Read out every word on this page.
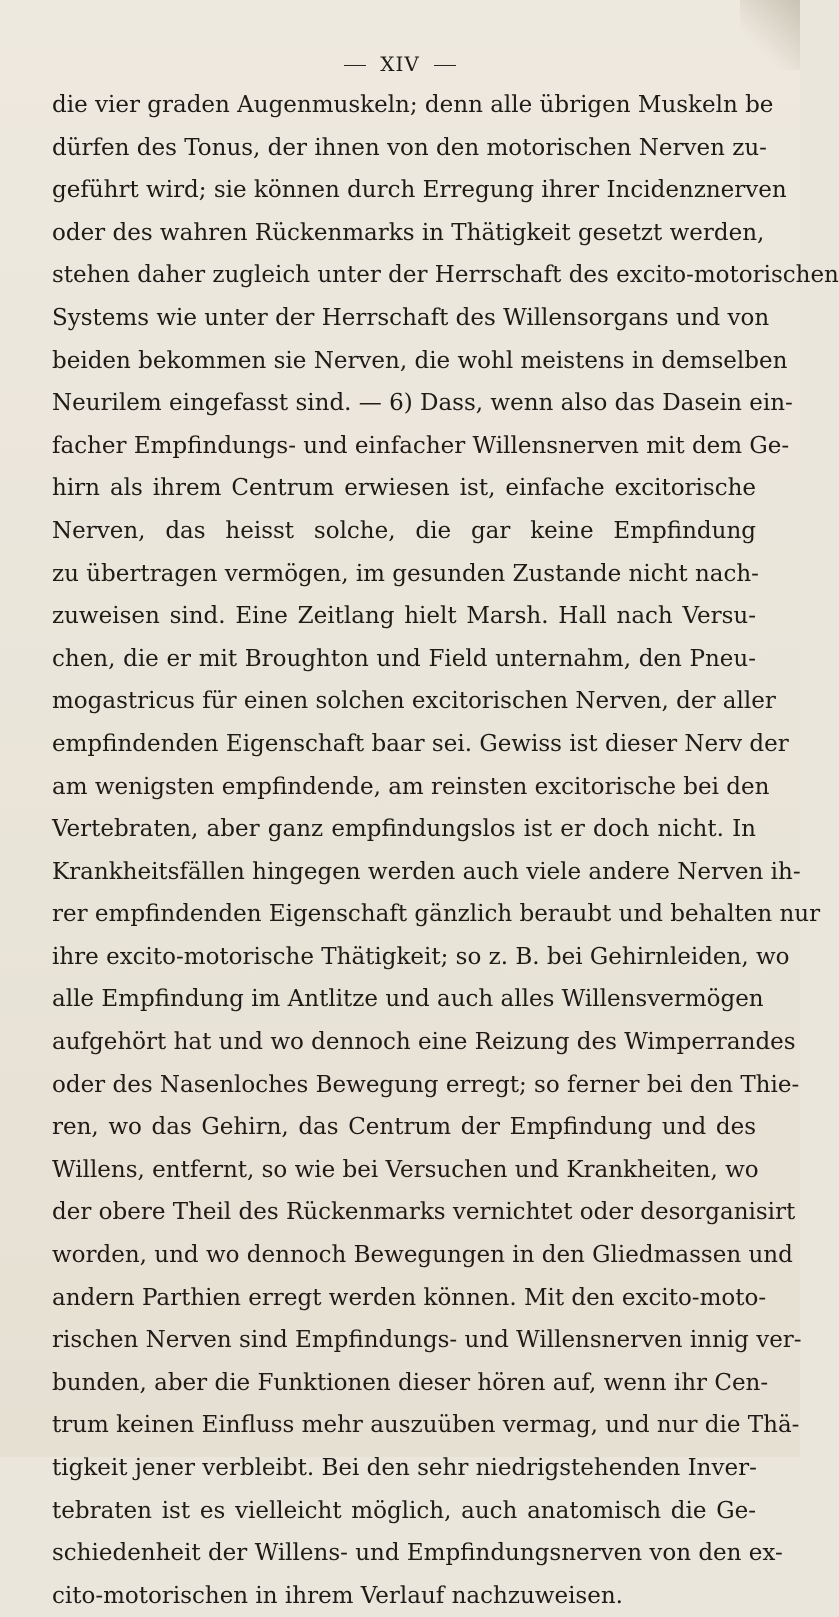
XIV
die vier graden Augenmuskeln; denn alle übrigen Muskeln be
dürfen des Tonus, der ihnen von den motorischen Nerven zu-
geführt wird; sie können durch Erregung ihrer Incidenznerven
oder des wahren Rückenmarks in Thätigkeit gesetzt werden,
stehen daher zugleich unter der Herrschaft des excito-motorischen
Systems wie unter der Herrschaft des Willensorgans und von
beiden bekommen sie Nerven, die wohl meistens in demselben
Neurilem eingefasst sind. — 6) Dass, wenn also das Dasein ein-
facher Empfindungs- und einfacher Willensnerven mit dem Ge-
hirn als ihrem Centrum erwiesen ist, einfache excitorische
Nerven, das heisst solche, die gar keine Empfindung
zu übertragen vermögen, im gesunden Zustande nicht nach-
zuweisen sind. Eine Zeitlang hielt Marsh. Hall nach Versu-
chen, die er mit Broughton und Field unternahm, den Pneu-
mogastricus für einen solchen excitorischen Nerven, der aller
empfindenden Eigenschaft baar sei. Gewiss ist dieser Nerv der
am wenigsten empfindende, am reinsten excitorische bei den
Vertebraten, aber ganz empfindungslos ist er doch nicht. In
Krankheitsfällen hingegen werden auch viele andere Nerven ih-
rer empfindenden Eigenschaft gänzlich beraubt und behalten nur
ihre excito-motorische Thätigkeit; so z. B. bei Gehirnleiden, wo
alle Empfindung im Antlitze und auch alles Willensvermögen
aufgehört hat und wo dennoch eine Reizung des Wimperrandes
oder des Nasenloches Bewegung erregt; so ferner bei den Thie-
ren, wo das Gehirn, das Centrum der Empfindung und des
Willens, entfernt, so wie bei Versuchen und Krankheiten, wo
der obere Theil des Rückenmarks vernichtet oder desorganisirt
worden, und wo dennoch Bewegungen in den Gliedmassen und
andern Parthien erregt werden können. Mit den excito-moto-
rischen Nerven sind Empfindungs- und Willensnerven innig ver-
bunden, aber die Funktionen dieser hören auf, wenn ihr Cen-
trum keinen Einfluss mehr auszuüben vermag, und nur die Thä-
tigkeit jener verbleibt. Bei den sehr niedrigstehenden Inver-
tebraten ist es vielleicht möglich, auch anatomisch die Ge-
schiedenheit der Willens- und Empfindungsnerven von den ex-
cito-motorischen in ihrem Verlauf nachzuweisen.
